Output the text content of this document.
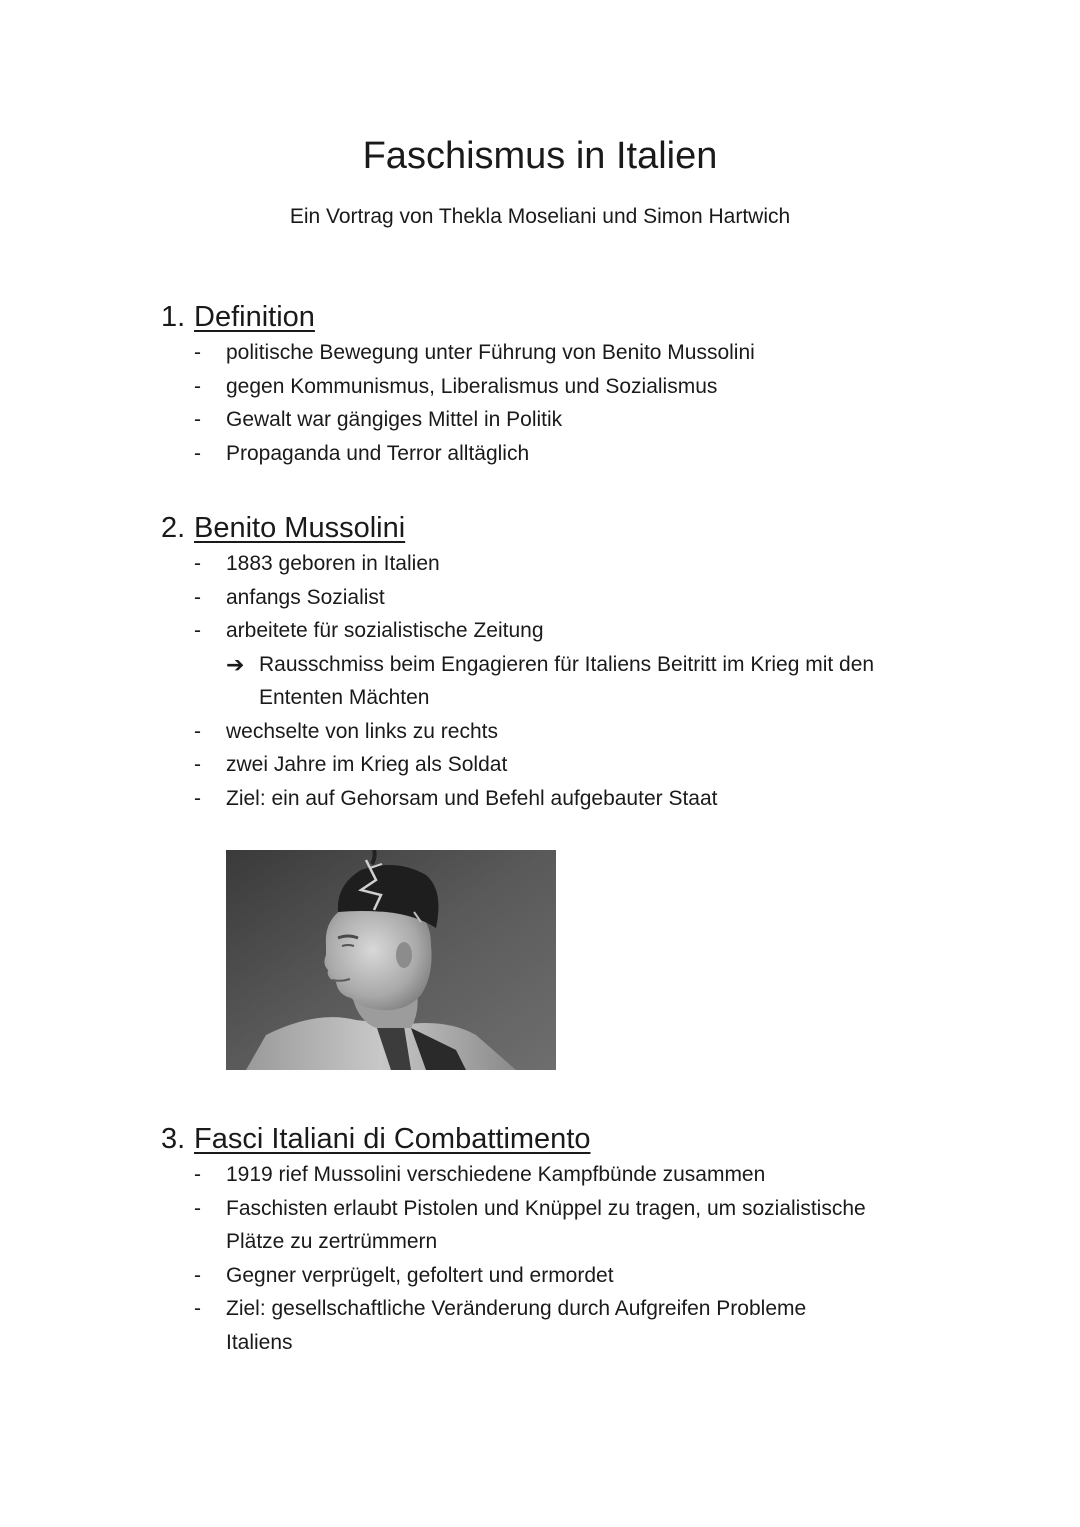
Faschismus in Italien
Ein Vortrag von Thekla Moseliani und Simon Hartwich
1. Definition
- politische Bewegung unter Führung von Benito Mussolini
- gegen Kommunismus, Liberalismus und Sozialismus
- Gewalt war gängiges Mittel in Politik
- Propaganda und Terror alltäglich
2. Benito Mussolini
- 1883 geboren in Italien
- anfangs Sozialist
- arbeitete für sozialistische Zeitung
➔ Rausschmiss beim Engagieren für Italiens Beitritt im Krieg mit den
Ententen Mächten
- wechselte von links zu rechts
- zwei Jahre im Krieg als Soldat
- Ziel: ein auf Gehorsam und Befehl aufgebauter Staat
3. Fasci Italiani di Combattimento
- 1919 rief Mussolini verschiedene Kampfbünde zusammen
- Faschisten erlaubt Pistolen und Knüppel zu tragen, um sozialistische
Plätze zu zertrümmern
- Gegner verprügelt, gefoltert und ermordet
- Ziel: gesellschaftliche Veränderung durch Aufgreifen Probleme
Italiens
